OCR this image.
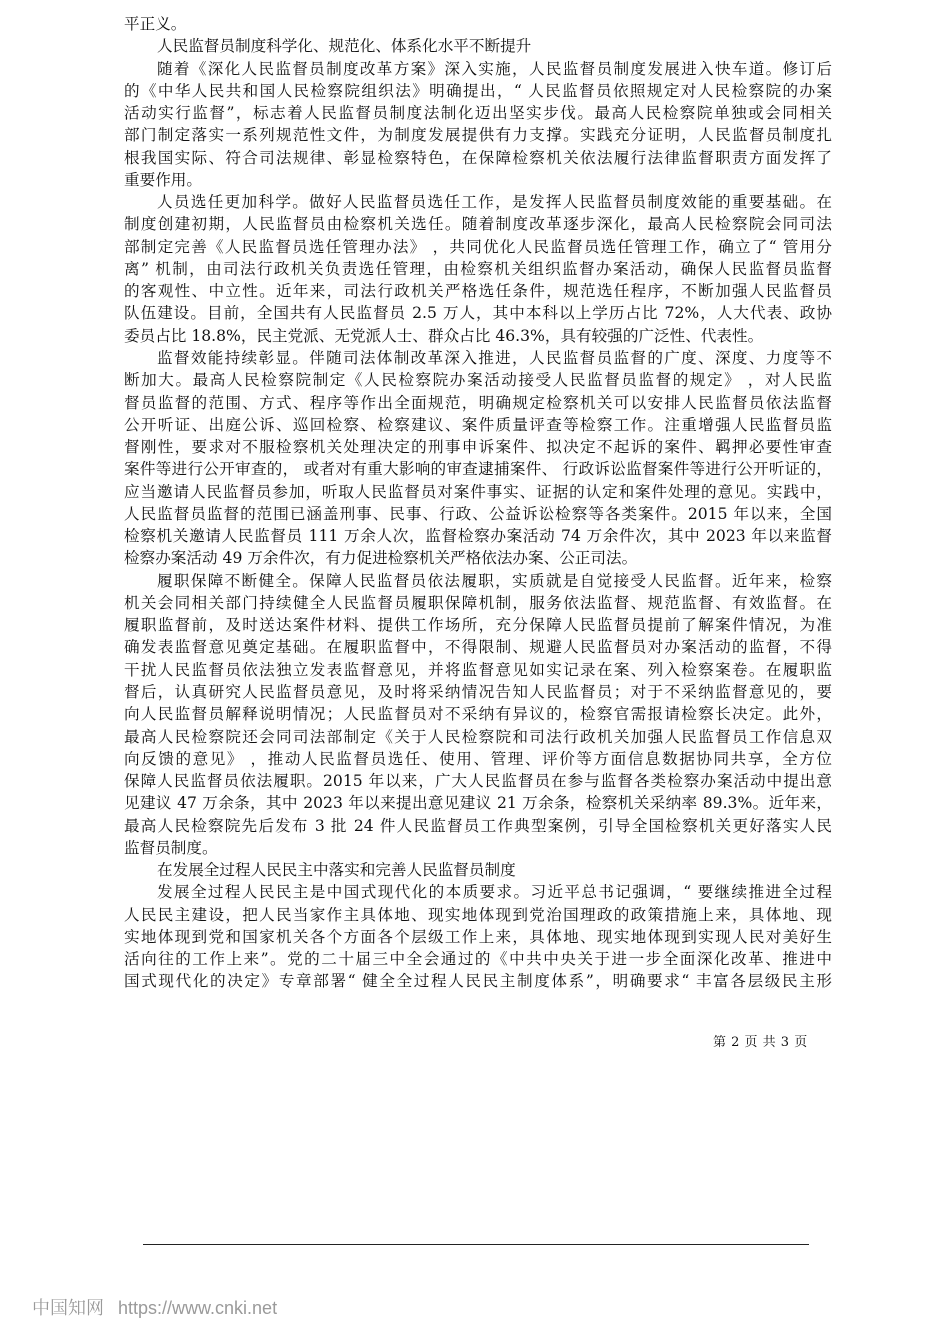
平正义。
人民监督员制度科学化、规范化、体系化水平不断提升
随着《深化人民监督员制度改革方案》深入实施，人民监督员制度发展进入快车道。修订后
的《中华人民共和国人民检察院组织法》明确提出，“ 人民监督员依照规定对人民检察院的办案
活动实行监督”，标志着人民监督员制度法制化迈出坚实步伐。最高人民检察院单独或会同相关
部门制定落实一系列规范性文件，为制度发展提供有力支撑。实践充分证明，人民监督员制度扎
根我国实际、符合司法规律、彰显检察特色，在保障检察机关依法履行法律监督职责方面发挥了
重要作用。
人员选任更加科学。做好人民监督员选任工作，是发挥人民监督员制度效能的重要基础。在
制度创建初期，人民监督员由检察机关选任。随着制度改革逐步深化，最高人民检察院会同司法
部制定完善《人民监督员选任管理办法》 ，共同优化人民监督员选任管理工作，确立了“ 管用分
离” 机制，由司法行政机关负责选任管理，由检察机关组织监督办案活动，确保人民监督员监督
的客观性、中立性。近年来，司法行政机关严格选任条件，规范选任程序，不断加强人民监督员
队伍建设。目前，全国共有人民监督员 2.5 万人，其中本科以上学历占比 72%，人大代表、政协
委员占比 18.8%，民主党派、无党派人士、群众占比 46.3%，具有较强的广泛性、代表性。
监督效能持续彰显。伴随司法体制改革深入推进，人民监督员监督的广度、深度、力度等不
断加大。最高人民检察院制定《人民检察院办案活动接受人民监督员监督的规定》 ，对人民监
督员监督的范围、方式、程序等作出全面规范，明确规定检察机关可以安排人民监督员依法监督
公开听证、出庭公诉、巡回检察、检察建议、案件质量评查等检察工作。注重增强人民监督员监
督刚性，要求对不服检察机关处理决定的刑事申诉案件、拟决定不起诉的案件、羁押必要性审查
案件等进行公开审查的， 或者对有重大影响的审查逮捕案件、 行政诉讼监督案件等进行公开听证的，
应当邀请人民监督员参加，听取人民监督员对案件事实、证据的认定和案件处理的意见。实践中，
人民监督员监督的范围已涵盖刑事、民事、行政、公益诉讼检察等各类案件。2015 年以来，全国
检察机关邀请人民监督员 111 万余人次，监督检察办案活动 74 万余件次，其中 2023 年以来监督
检察办案活动 49 万余件次，有力促进检察机关严格依法办案、公正司法。
履职保障不断健全。保障人民监督员依法履职，实质就是自觉接受人民监督。近年来，检察
机关会同相关部门持续健全人民监督员履职保障机制，服务依法监督、规范监督、有效监督。在
履职监督前，及时送达案件材料、提供工作场所，充分保障人民监督员提前了解案件情况，为准
确发表监督意见奠定基础。在履职监督中，不得限制、规避人民监督员对办案活动的监督，不得
干扰人民监督员依法独立发表监督意见，并将监督意见如实记录在案、列入检察案卷。在履职监
督后，认真研究人民监督员意见，及时将采纳情况告知人民监督员；对于不采纳监督意见的，要
向人民监督员解释说明情况；人民监督员对不采纳有异议的，检察官需报请检察长决定。此外，
最高人民检察院还会同司法部制定《关于人民检察院和司法行政机关加强人民监督员工作信息双
向反馈的意见》 ，推动人民监督员选任、使用、管理、评价等方面信息数据协同共享，全方位
保障人民监督员依法履职。2015 年以来，广大人民监督员在参与监督各类检察办案活动中提出意
见建议 47 万余条，其中 2023 年以来提出意见建议 21 万余条，检察机关采纳率 89.3%。近年来，
最高人民检察院先后发布 3 批 24 件人民监督员工作典型案例，引导全国检察机关更好落实人民
监督员制度。
在发展全过程人民民主中落实和完善人民监督员制度
发展全过程人民民主是中国式现代化的本质要求。习近平总书记强调，“ 要继续推进全过程
人民民主建设，把人民当家作主具体地、现实地体现到党治国理政的政策措施上来，具体地、现
实地体现到党和国家机关各个方面各个层级工作上来，具体地、现实地体现到实现人民对美好生
活向往的工作上来”。党的二十届三中全会通过的《中共中央关于进一步全面深化改革、推进中
国式现代化的决定》专章部署“ 健全全过程人民民主制度体系”，明确要求“ 丰富各层级民主形
第 2 页 共 3 页
中国知网 https://www.cnki.net
